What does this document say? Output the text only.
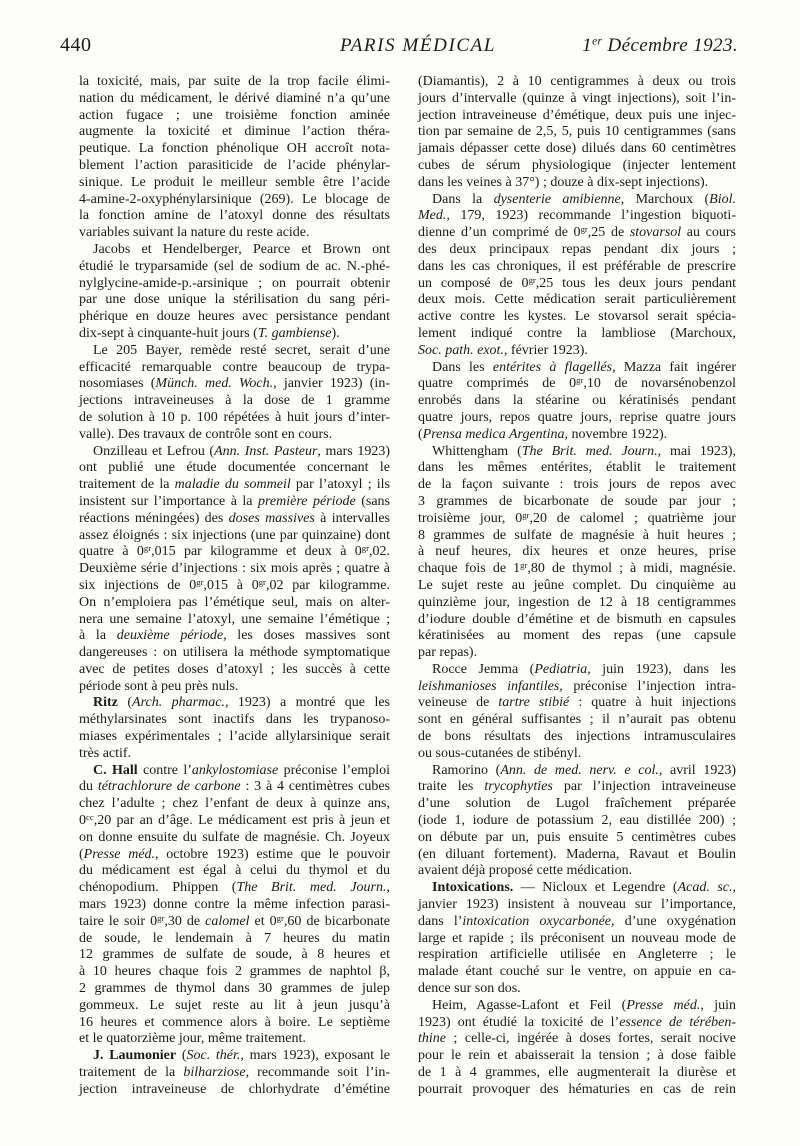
440	PARIS MÉDICAL	1er Décembre 1923.
la toxicité, mais, par suite de la trop facile élimi-
nation du médicament, le dérivé diaminé n’a qu’une
action fugace ; une troisième fonction aminée
augmente la toxicité et diminue l’action théra-
peutique. La fonction phénolique OH accroît nota-
blement l’action parasiticide de l’acide phénylar-
sinique. Le produit le meilleur semble être l’acide
4-amine-2-oxyphénylarsinique (269). Le blocage de
la fonction amine de l’atoxyl donne des résultats
variables suivant la nature du reste acide.
Jacobs et Hendelberger, Pearce et Brown ont
étudié le tryparsamide (sel de sodium de ac. N.-phé-
nylglycine-amide-p.-arsinique ; on pourrait obtenir
par une dose unique la stérilisation du sang péri-
phérique en douze heures avec persistance pendant
dix-sept à cinquante-huit jours (T. gambiense).
Le 205 Bayer, remède resté secret, serait d’une
efficacité remarquable contre beaucoup de trypa-
nosomiases (Münch. med. Woch., janvier 1923) (in-
jections intraveineuses à la dose de 1 gramme
de solution à 10 p. 100 répétées à huit jours d’inter-
valle). Des travaux de contrôle sont en cours.
Onzilleau et Lefrou (Ann. Inst. Pasteur, mars 1923)
ont publié une étude documentée concernant le
traitement de la maladie du sommeil par l’atoxyl ; ils
insistent sur l’importance à la première période (sans
réactions méningées) des doses massives à intervalles
assez éloignés : six injections (une par quinzaine) dont
quatre à $0^{gr},015$ par kilogramme et deux à $0^{gr},02$.
Deuxième série d’injections : six mois après ; quatre à
six injections de $0^{gr},015$ à $0^{gr},02$ par kilogramme.
On n’emploiera pas l’émétique seul, mais on alter-
nera une semaine l’atoxyl, une semaine l’émétique ;
à la deuxième période, les doses massives sont
dangereuses : on utilisera la méthode symptomatique
avec de petites doses d’atoxyl ; les succès à cette
période sont à peu près nuls.
Ritz (Arch. pharmac., 1923) a montré que les
méthylarsinates sont inactifs dans les trypanoso-
miases expérimentales ; l’acide allylarsinique serait
très actif.
C. Hall contre l’ankylostomiase préconise l’emploi
du tétrachlorure de carbone : 3 à 4 centimètres cubes
chez l’adulte ; chez l’enfant de deux à quinze ans,
$0^{cc},20$ par an d’âge. Le médicament est pris à jeun et
on donne ensuite du sulfate de magnésie. Ch. Joyeux
(Presse méd., octobre 1923) estime que le pouvoir
du médicament est égal à celui du thymol et du
chénopodium. Phippen (The Brit. med. Journ.,
mars 1923) donne contre la même infection parasi-
taire le soir $0^{gr},30$ de calomel et $0^{gr},60$ de bicarbonate
de soude, le lendemain à 7 heures du matin
12 grammes de sulfate de soude, à 8 heures et
à 10 heures chaque fois 2 grammes de naphtol β,
2 grammes de thymol dans 30 grammes de julep
gommeux. Le sujet reste au lit à jeun jusqu’à
16 heures et commence alors à boire. Le septième
et le quatorzième jour, même traitement.
J. Laumonier (Soc. thér., mars 1923), exposant le
traitement de la bilharziose, recommande soit l’in-
jection intraveineuse de chlorhydrate d’émétine
(Diamantis), 2 à 10 centigrammes à deux ou trois
jours d’intervalle (quinze à vingt injections), soit l’in-
jection intraveineuse d’émétique, deux puis une injec-
tion par semaine de 2,5, 5, puis 10 centigrammes (sans
jamais dépasser cette dose) dilués dans 60 centimètres
cubes de sérum physiologique (injecter lentement
dans les veines à 37°) ; douze à dix-sept injections).
Dans la dysenterie amibienne, Marchoux (Biol.
Med., 179, 1923) recommande l’ingestion biquoti-
dienne d’un comprimé de $0^{gr},25$ de stovarsol au cours
des deux principaux repas pendant dix jours ;
dans les cas chroniques, il est préférable de prescrire
un composé de $0^{gr},25$ tous les deux jours pendant
deux mois. Cette médication serait particulièrement
active contre les kystes. Le stovarsol serait spécia-
lement indiqué contre la lambliose (Marchoux,
Soc. path. exot., février 1923).
Dans les entérites à flagellés, Mazza fait ingérer
quatre comprimés de $0^{gr},10$ de novarsénobenzol
enrobés dans la stéarine ou kératinisés pendant
quatre jours, repos quatre jours, reprise quatre jours
(Prensa medica Argentina, novembre 1922).
Whittengham (The Brit. med. Journ., mai 1923),
dans les mêmes entérites, établit le traitement
de la façon suivante : trois jours de repos avec
3 grammes de bicarbonate de soude par jour ;
troisième jour, $0^{gr},20$ de calomel ; quatrième jour
8 grammes de sulfate de magnésie à huit heures ;
à neuf heures, dix heures et onze heures, prise
chaque fois de $1^{gr},80$ de thymol ; à midi, magnésie.
Le sujet reste au jeûne complet. Du cinquième au
quinzième jour, ingestion de 12 à 18 centigrammes
d’iodure double d’émétine et de bismuth en capsules
kératinisées au moment des repas (une capsule
par repas).
Rocce Jemma (Pediatria, juin 1923), dans les
leishmanioses infantiles, préconise l’injection intra-
veineuse de tartre stibié : quatre à huit injections
sont en général suffisantes ; il n’aurait pas obtenu
de bons résultats des injections intramusculaires
ou sous-cutanées de stibényl.
Ramorino (Ann. de med. nerv. e col., avril 1923)
traite les trycophyties par l’injection intraveineuse
d’une solution de Lugol fraîchement préparée
(iode 1, iodure de potassium 2, eau distillée 200) ;
on débute par un, puis ensuite 5 centimètres cubes
(en diluant fortement). Maderna, Ravaut et Boulin
avaient déjà proposé cette médication.
Intoxications. — Nicloux et Legendre (Acad. sc.,
janvier 1923) insistent à nouveau sur l’importance,
dans l’intoxication oxycarbonée, d’une oxygénation
large et rapide ; ils préconisent un nouveau mode de
respiration artificielle utilisée en Angleterre ; le
malade étant couché sur le ventre, on appuie en ca-
dence sur son dos.
Heim, Agasse-Lafont et Feil (Presse méd., juin
1923) ont étudié la toxicité de l’essence de térében-
thine ; celle-ci, ingérée à doses fortes, serait nocive
pour le rein et abaisserait la tension ; à dose faible
de 1 à 4 grammes, elle augmenterait la diurèse et
pourrait provoquer des hématuries en cas de rein
